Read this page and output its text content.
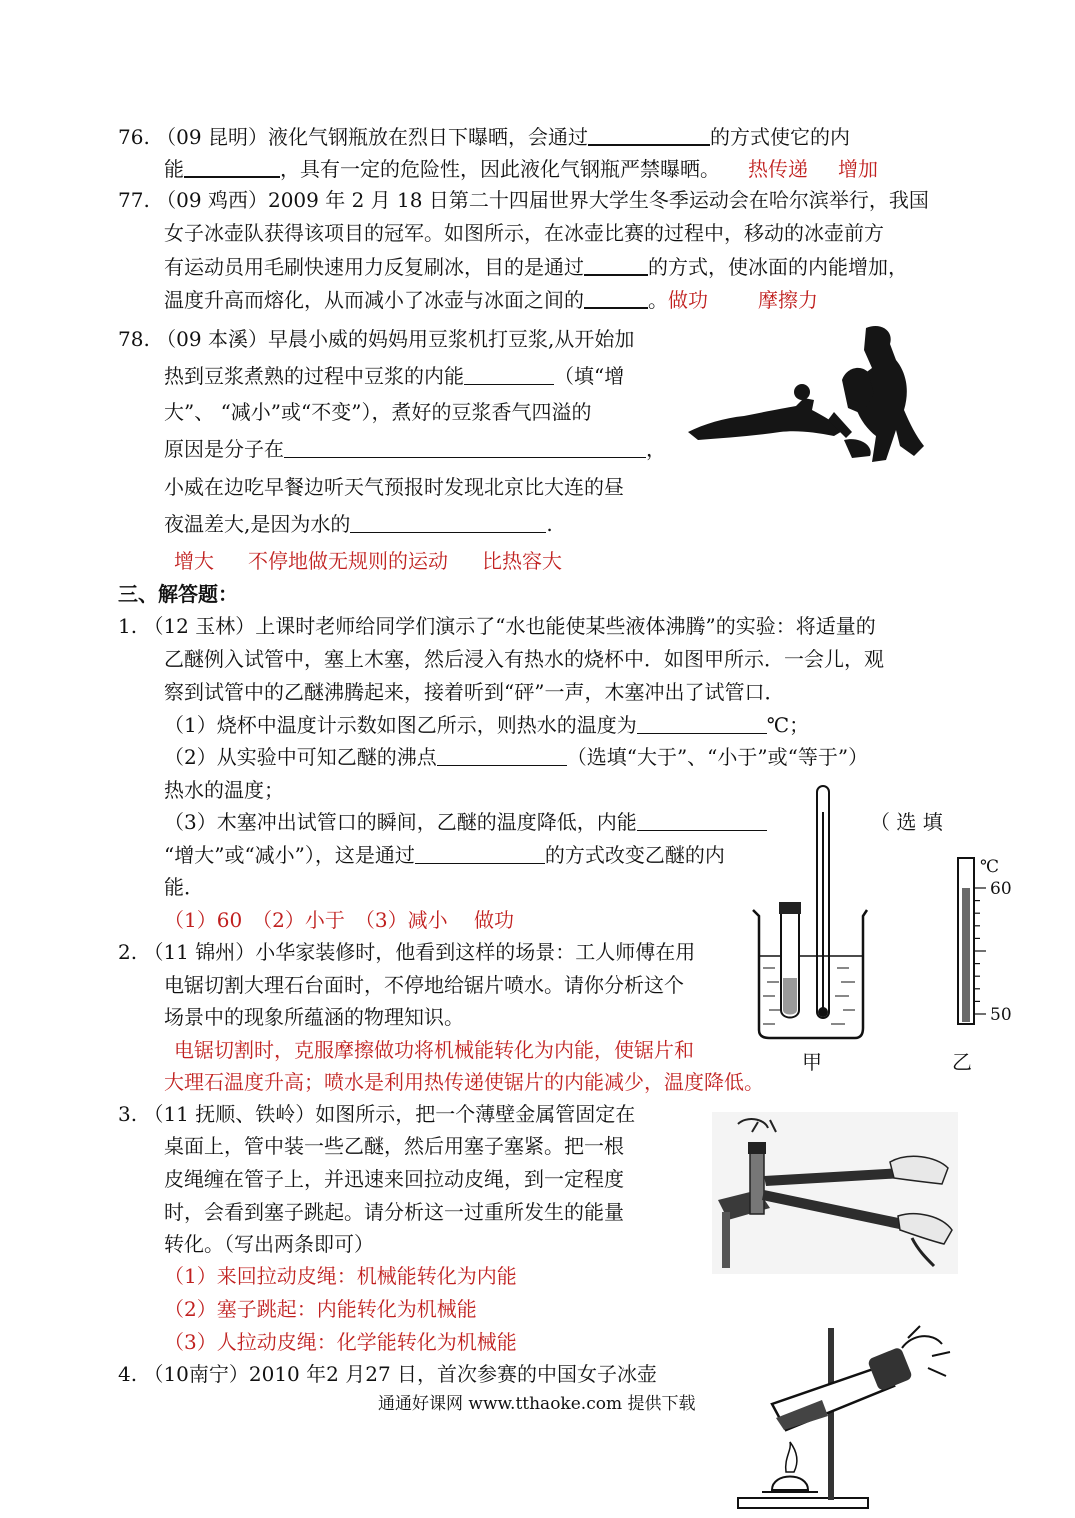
76. （09 昆明）液化气钢瓶放在烈日下曝晒，会通过	的方式使它的内
能	，具有一定的危险性，因此液化气钢瓶严禁曝晒。 热传递 增加
77. （09 鸡西）2009 年 2 月 18 日第二十四届世界大学生冬季运动会在哈尔滨举行，我国
女子冰壶队获得该项目的冠军。如图所示，在冰壶比赛的过程中，移动的冰壶前方
有运动员用毛刷快速用力反复刷冰，目的是通过	的方式，使冰面的内能增加，
温度升高而熔化，从而减小了冰壶与冰面之间的	。做功	摩擦力
78. （09 本溪）早晨小威的妈妈用豆浆机打豆浆,从开始加
热到豆浆煮熟的过程中豆浆的内能	（填“增
大”、 “减小”或“不变”），煮好的豆浆香气四溢的
原因是分子在	，
小威在边吃早餐边听天气预报时发现北京比大连的昼
夜温差大,是因为水的	.
增大 不停地做无规则的运动 比热容大
三、解答题：
1. （12 玉林）上课时老师给同学们演示了“水也能使某些液体沸腾”的实验：将适量的
乙醚例入试管中，塞上木塞，然后浸入有热水的烧杯中．如图甲所示．一会儿，观
察到试管中的乙醚沸腾起来，接着听到“砰”一声，木塞冲出了试管口．
（1）烧杯中温度计示数如图乙所示，则热水的温度为	℃；
（2）从实验中可知乙醚的沸点	（选填“大于”、“小于”或“等于”）
热水的温度；
（3）木塞冲出试管口的瞬间，乙醚的温度降低，内能	（ 选 填
“增大”或“减小”），这是通过	的方式改变乙醚的内
能．
（1）60　（2）小于　（3）减小　 做功
℃
60
50
甲	乙
2. （11 锦州）小华家装修时，他看到这样的场景：工人师傅在用
电锯切割大理石台面时，不停地给锯片喷水。请你分析这个
场景中的现象所蕴涵的物理知识。
电锯切割时，克服摩擦做功将机械能转化为内能，使锯片和
大理石温度升高；喷水是利用热传递使锯片的内能减少，温度降低。
3. （11 抚顺、铁岭）如图所示，把一个薄壁金属管固定在
桌面上，管中装一些乙醚，然后用塞子塞紧。把一根
皮绳缠在管子上，并迅速来回拉动皮绳，到一定程度
时，会看到塞子跳起。请分析这一过重所发生的能量
转化。（写出两条即可）
（1）来回拉动皮绳：机械能转化为内能
（2）塞子跳起：内能转化为机械能
（3）人拉动皮绳：化学能转化为机械能
4. （10南宁）2010 年2 月27 日，首次参赛的中国女子冰壶
通通好课网 www.tthaoke.com 提供下载
